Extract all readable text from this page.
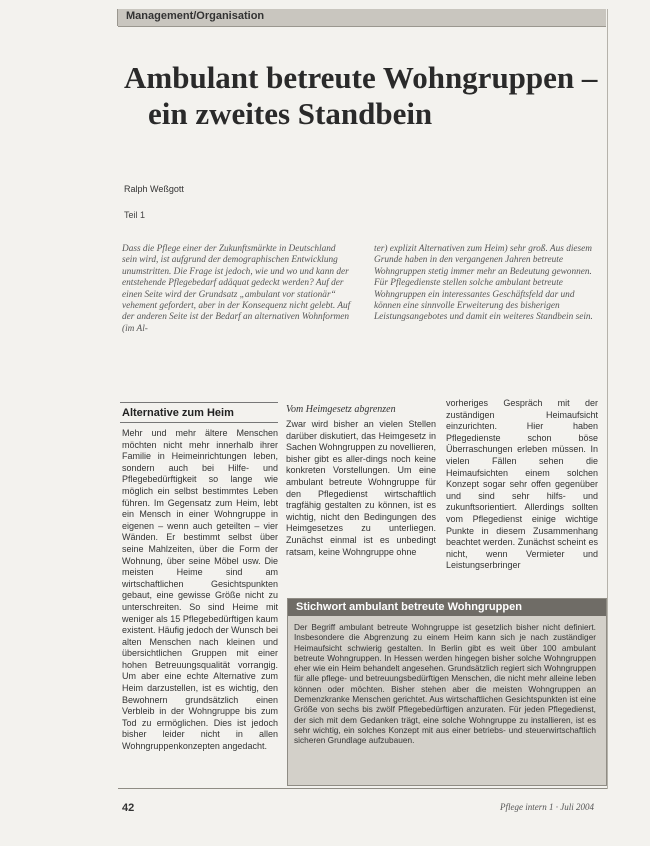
Management/Organisation
Ambulant betreute Wohngruppen –
ein zweites Standbein
Ralph Weßgott
Teil 1
Dass die Pflege einer der Zukunftsmärkte in Deutschland sein wird, ist aufgrund der demographischen Entwicklung unumstritten. Die Frage ist jedoch, wie und wo und kann der entstehende Pflegebedarf adäquat gedeckt werden? Auf der einen Seite wird der Grundsatz „ambulant vor stationär“ vehement gefordert, aber in der Konsequenz nicht gelebt. Auf der anderen Seite ist der Bedarf an alternativen Wohnformen (im Al-
ter) explizit Alternativen zum Heim) sehr groß. Aus diesem Grunde haben in den vergangenen Jahren betreute Wohngruppen stetig immer mehr an Bedeutung gewonnen. Für Pflegedienste stellen solche ambulant betreute Wohngruppen ein interessantes Geschäftsfeld dar und können eine sinnvolle Erweiterung des bisherigen Leistungsangebotes und damit ein weiteres Standbein sein.
Alternative zum Heim
Mehr und mehr ältere Menschen möchten nicht mehr innerhalb ihrer Familie in Heimeinrichtungen leben, sondern auch bei Hilfe- und Pflegebedürftigkeit so lange wie möglich ein selbst bestimmtes Leben führen. Im Gegensatz zum Heim, lebt ein Mensch in einer Wohngruppe in eigenen – wenn auch geteilten – vier Wänden. Er bestimmt selbst über seine Mahlzeiten, über die Form der Wohnung, über seine Möbel usw. Die meisten Heime sind am wirtschaftlichen Gesichtspunkten gebaut, eine gewisse Größe nicht zu unterschreiten. So sind Heime mit weniger als 15 Pflegebedürftigen kaum existent. Häufig jedoch der Wunsch bei alten Menschen nach kleinen und übersichtlichen Gruppen mit einer hohen Betreuungsqualität vorrangig. Um aber eine echte Alternative zum Heim darzustellen, ist es wichtig, den Bewohnern grundsätzlich einen Verbleib in der Wohngruppe bis zum Tod zu ermöglichen. Dies ist jedoch bisher leider nicht in allen Wohngruppenkonzepten angedacht.
Vom Heimgesetz abgrenzen
Zwar wird bisher an vielen Stellen darüber diskutiert, das Heimgesetz in Sachen Wohngruppen zu novellieren, bisher gibt es aller-dings noch keine konkreten Vorstellungen. Um eine ambulant betreute Wohngruppe für den Pflegedienst wirtschaftlich tragfähig gestalten zu können, ist es wichtig, nicht den Bedingungen des Heimgesetzes zu unterliegen. Zunächst einmal ist es unbedingt ratsam, keine Wohngruppe ohne
vorheriges Gespräch mit der zuständigen Heimaufsicht einzurichten. Hier haben Pflegedienste schon böse Überraschungen erleben müssen. In vielen Fällen sehen die Heimaufsichten einem solchen Konzept sogar sehr offen gegenüber und sind sehr hilfs- und zukunftsorientiert. Allerdings sollten vom Pflegedienst einige wichtige Punkte in diesem Zusammenhang beachtet werden. Zunächst scheint es nicht, wenn Vermieter und Leistungserbringer
Stichwort ambulant betreute Wohngruppen
Der Begriff ambulant betreute Wohngruppe ist gesetzlich bisher nicht definiert. Insbesondere die Abgrenzung zu einem Heim kann sich je nach zuständiger Heimaufsicht schwierig gestalten. In Berlin gibt es weit über 100 ambulant betreute Wohngruppen. In Hessen werden hingegen bisher solche Wohngruppen eher wie ein Heim behandelt angesehen. Grundsätzlich regiert sich Wohngruppen für alle pflege- und betreuungsbedürftigen Menschen, die nicht mehr alleine leben können oder möchten. Bisher stehen aber die meisten Wohngruppen an Demenzkranke Menschen gerichtet. Aus wirtschaftlichen Gesichtspunkten ist eine Größe von sechs bis zwölf Pflegebedürftigen anzuraten. Für jeden Pflegedienst, der sich mit dem Gedanken trägt, eine solche Wohngruppe zu installieren, ist es sehr wichtig, ein solches Konzept mit aus einer betriebs- und steuerwirtschaftlich sicheren Grundlage aufzubauen.
42	Pflege intern 1 · Juli 2004
